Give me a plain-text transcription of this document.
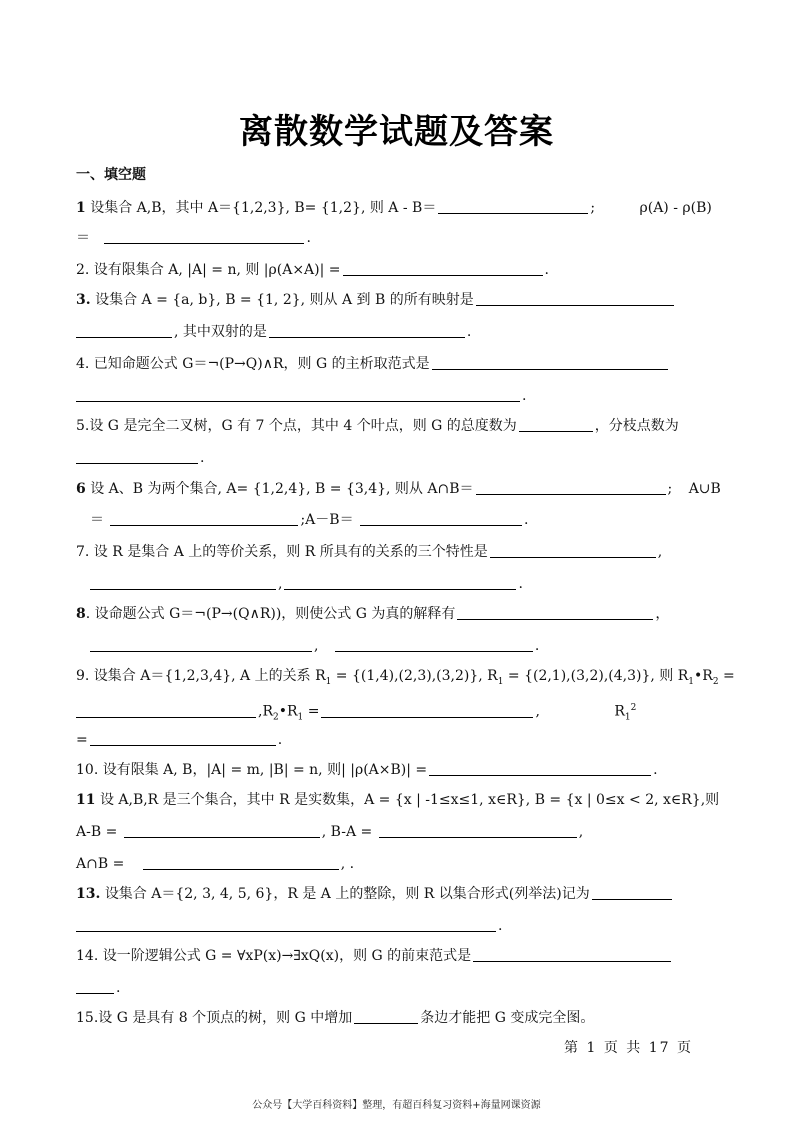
离散数学试题及答案
一、填空题
1 设集合 A,B，其中 A＝{1,2,3}, B= {1,2}, 则 A - B＝	;	ρ(A) - ρ(B)
＝	.
2. 设有限集合 A, |A| = n, 则 |ρ(A×A)| =	.
3. 设集合 A = {a, b}, B = {1, 2}, 则从 A 到 B 的所有映射是
, 其中双射的是	.
4. 已知命题公式 G＝¬(P→Q)∧R，则 G 的主析取范式是
.
5.设 G 是完全二叉树，G 有 7 个点，其中 4 个叶点，则 G 的总度数为	，分枝点数为
.
6 设 A、B 为两个集合, A= {1,2,4}, B = {3,4}, 则从 A∩B＝	; A∪B
＝	;A－B＝	.
7. 设 R 是集合 A 上的等价关系，则 R 所具有的关系的三个特性是	,
,	.
8. 设命题公式 G＝¬(P→(Q∧R))，则使公式 G 为真的解释有	，
,	.
9. 设集合 A＝{1,2,3,4}, A 上的关系 $R_1 = \{(1,4),(2,3),(3,2)\}$, $R_1 = \{(2,1),(3,2),(4,3)\}$, 则 $R_1•R_2$ =
$,R_2•R_1$ =	,	$R_1^2$
=	.
10. 设有限集 A, B，|A| = m, |B| = n, 则| |ρ(A×B)| =	.
11 设 A,B,R 是三个集合，其中 R 是实数集，A = {x | -1≤x≤1, x∈R}, B = {x | 0≤x < 2, x∈R},则
A-B =	, B-A =	,
A∩B =	, .
13. 设集合 A＝{2, 3, 4, 5, 6}，R 是 A 上的整除，则 R 以集合形式(列举法)记为
.
14. 设一阶逻辑公式 G = ∀xP(x)→∃xQ(x)，则 G 的前束范式是
.
15.设 G 是具有 8 个顶点的树，则 G 中增加	条边才能把 G 变成完全图。
第 1 页 共 17 页
公众号【大学百科资料】整理，有超百科复习资料+海量网课资源
